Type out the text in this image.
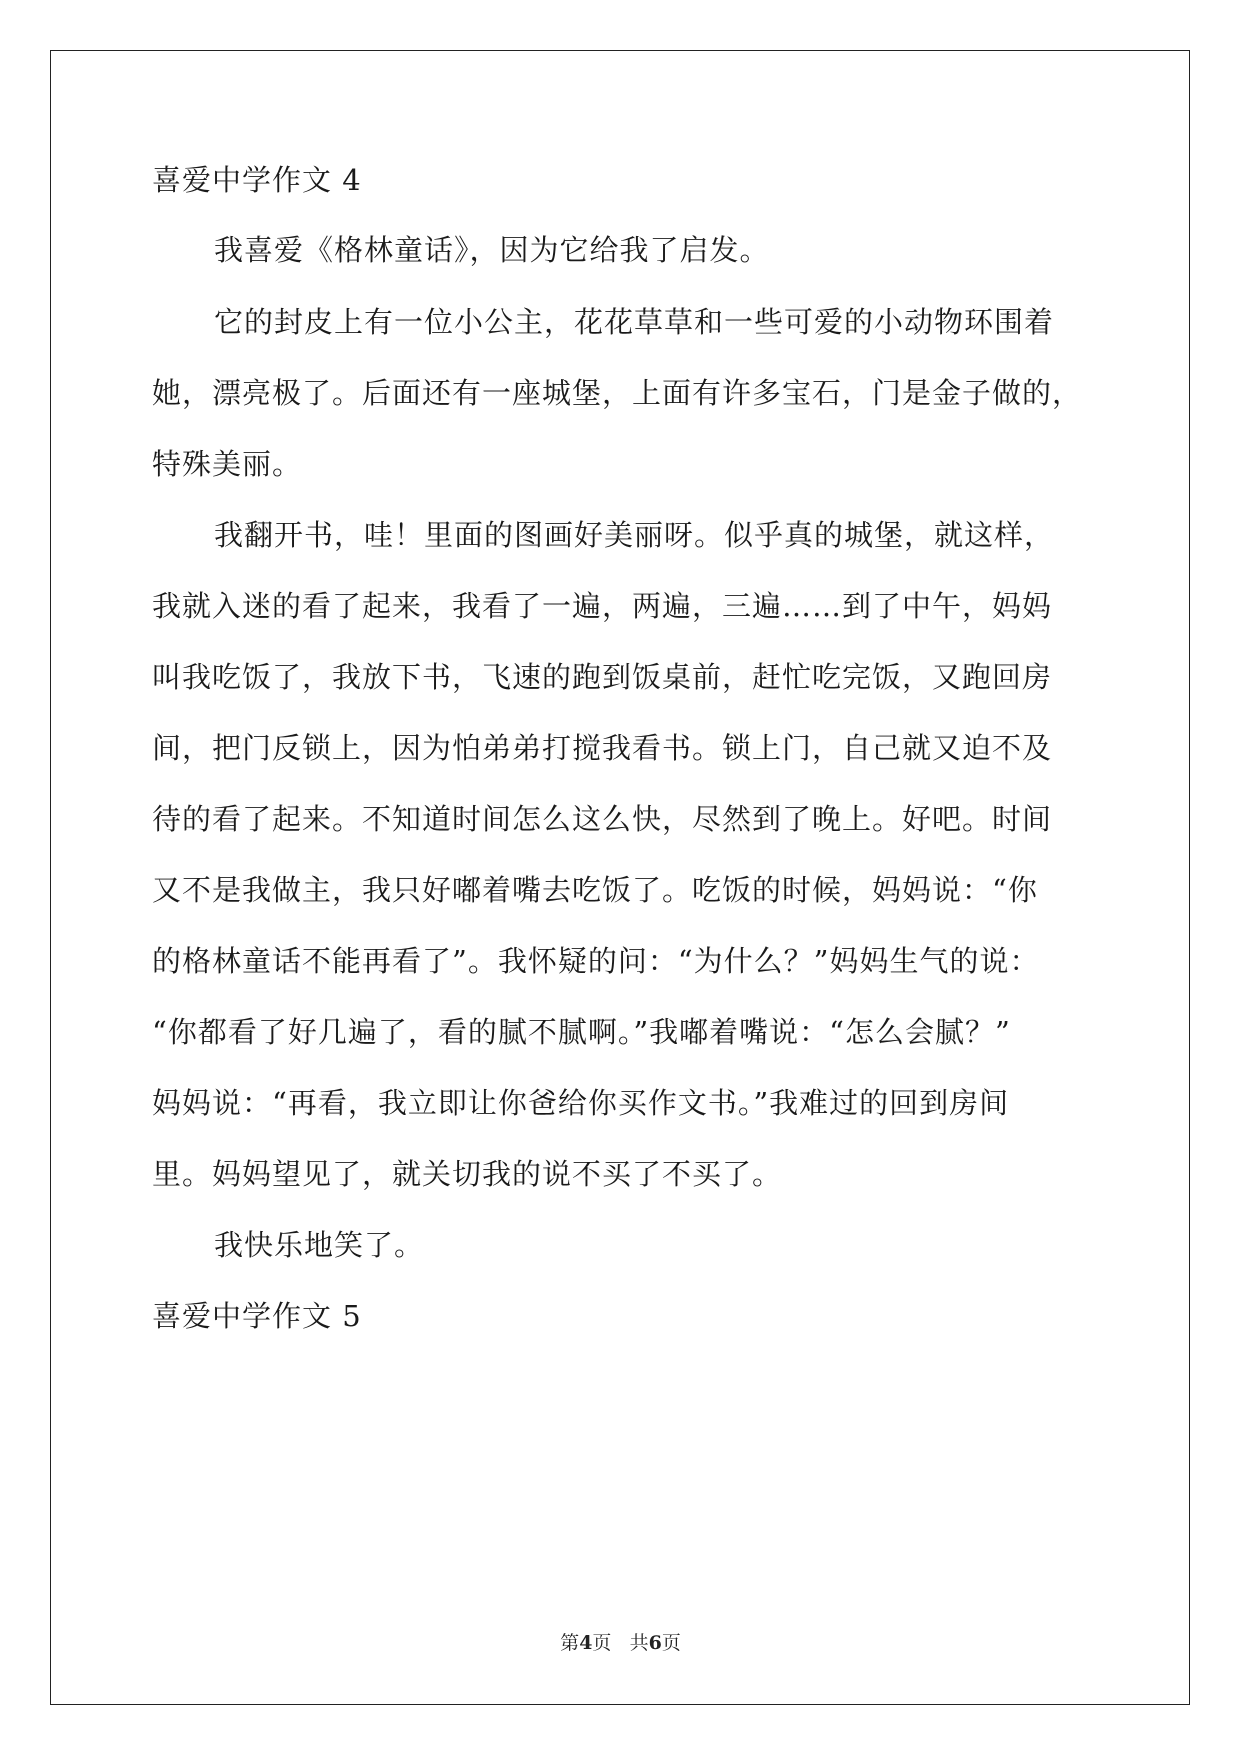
喜爱中学作文 4
我喜爱《格林童话》，因为它给我了启发。
它的封皮上有一位小公主，花花草草和一些可爱的小动物环围着
她，漂亮极了。后面还有一座城堡，上面有许多宝石，门是金子做的，
特殊美丽。
我翻开书，哇！里面的图画好美丽呀。似乎真的城堡，就这样，
我就入迷的看了起来，我看了一遍，两遍，三遍……到了中午，妈妈
叫我吃饭了，我放下书，飞速的跑到饭桌前，赶忙吃完饭，又跑回房
间，把门反锁上，因为怕弟弟打搅我看书。锁上门，自己就又迫不及
待的看了起来。不知道时间怎么这么快，尽然到了晚上。好吧。时间
又不是我做主，我只好嘟着嘴去吃饭了。吃饭的时候，妈妈说：“你
的格林童话不能再看了”。我怀疑的问：“为什么？”妈妈生气的说：
“你都看了好几遍了，看的腻不腻啊。”我嘟着嘴说：“怎么会腻？”
妈妈说：“再看，我立即让你爸给你买作文书。”我难过的回到房间
里。妈妈望见了，就关切我的说不买了不买了。
我快乐地笑了。
喜爱中学作文 5
第4页 共6页
